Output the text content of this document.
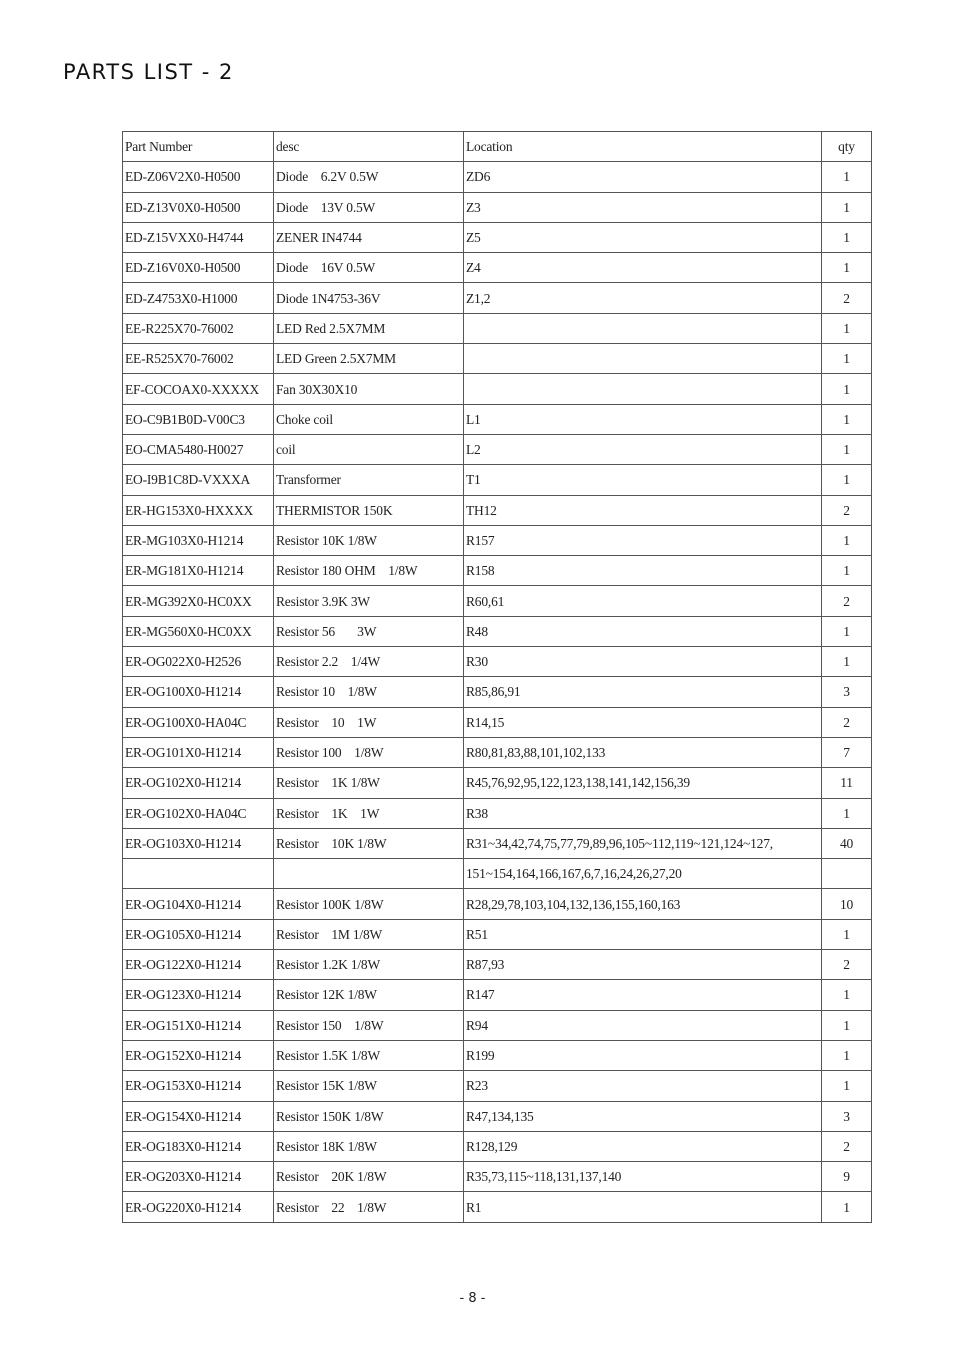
PARTS LIST - 2
Part Number	desc	Location	qty
ED-Z06V2X0-H0500	Diode    6.2V 0.5W	ZD6	1
ED-Z13V0X0-H0500	Diode    13V 0.5W	Z3	1
ED-Z15VXX0-H4744	ZENER IN4744	Z5	1
ED-Z16V0X0-H0500	Diode    16V 0.5W	Z4	1
ED-Z4753X0-H1000	Diode 1N4753-36V	Z1,2	2
EE-R225X70-76002	LED Red 2.5X7MM		1
EE-R525X70-76002	LED Green 2.5X7MM		1
EF-COCOAX0-XXXXX	Fan 30X30X10		1
EO-C9B1B0D-V00C3	Choke coil	L1	1
EO-CMA5480-H0027	coil	L2	1
EO-I9B1C8D-VXXXA	Transformer	T1	1
ER-HG153X0-HXXXX	THERMISTOR 150K	TH12	2
ER-MG103X0-H1214	Resistor 10K 1/8W	R157	1
ER-MG181X0-H1214	Resistor 180 OHM    1/8W	R158	1
ER-MG392X0-HC0XX	Resistor 3.9K 3W	R60,61	2
ER-MG560X0-HC0XX	Resistor 56       3W	R48	1
ER-OG022X0-H2526	Resistor 2.2    1/4W	R30	1
ER-OG100X0-H1214	Resistor 10    1/8W	R85,86,91	3
ER-OG100X0-HA04C	Resistor    10    1W	R14,15	2
ER-OG101X0-H1214	Resistor 100    1/8W	R80,81,83,88,101,102,133	7
ER-OG102X0-H1214	Resistor    1K 1/8W	R45,76,92,95,122,123,138,141,142,156,39	11
ER-OG102X0-HA04C	Resistor    1K    1W	R38	1
ER-OG103X0-H1214	Resistor    10K 1/8W	R31~34,42,74,75,77,79,89,96,105~112,119~121,124~127,	40
		151~154,164,166,167,6,7,16,24,26,27,20	
ER-OG104X0-H1214	Resistor 100K 1/8W	R28,29,78,103,104,132,136,155,160,163	10
ER-OG105X0-H1214	Resistor    1M 1/8W	R51	1
ER-OG122X0-H1214	Resistor 1.2K 1/8W	R87,93	2
ER-OG123X0-H1214	Resistor 12K 1/8W	R147	1
ER-OG151X0-H1214	Resistor 150    1/8W	R94	1
ER-OG152X0-H1214	Resistor 1.5K 1/8W	R199	1
ER-OG153X0-H1214	Resistor 15K 1/8W	R23	1
ER-OG154X0-H1214	Resistor 150K 1/8W	R47,134,135	3
ER-OG183X0-H1214	Resistor 18K 1/8W	R128,129	2
ER-OG203X0-H1214	Resistor    20K 1/8W	R35,73,115~118,131,137,140	9
ER-OG220X0-H1214	Resistor    22    1/8W	R1	1
- 8 -
